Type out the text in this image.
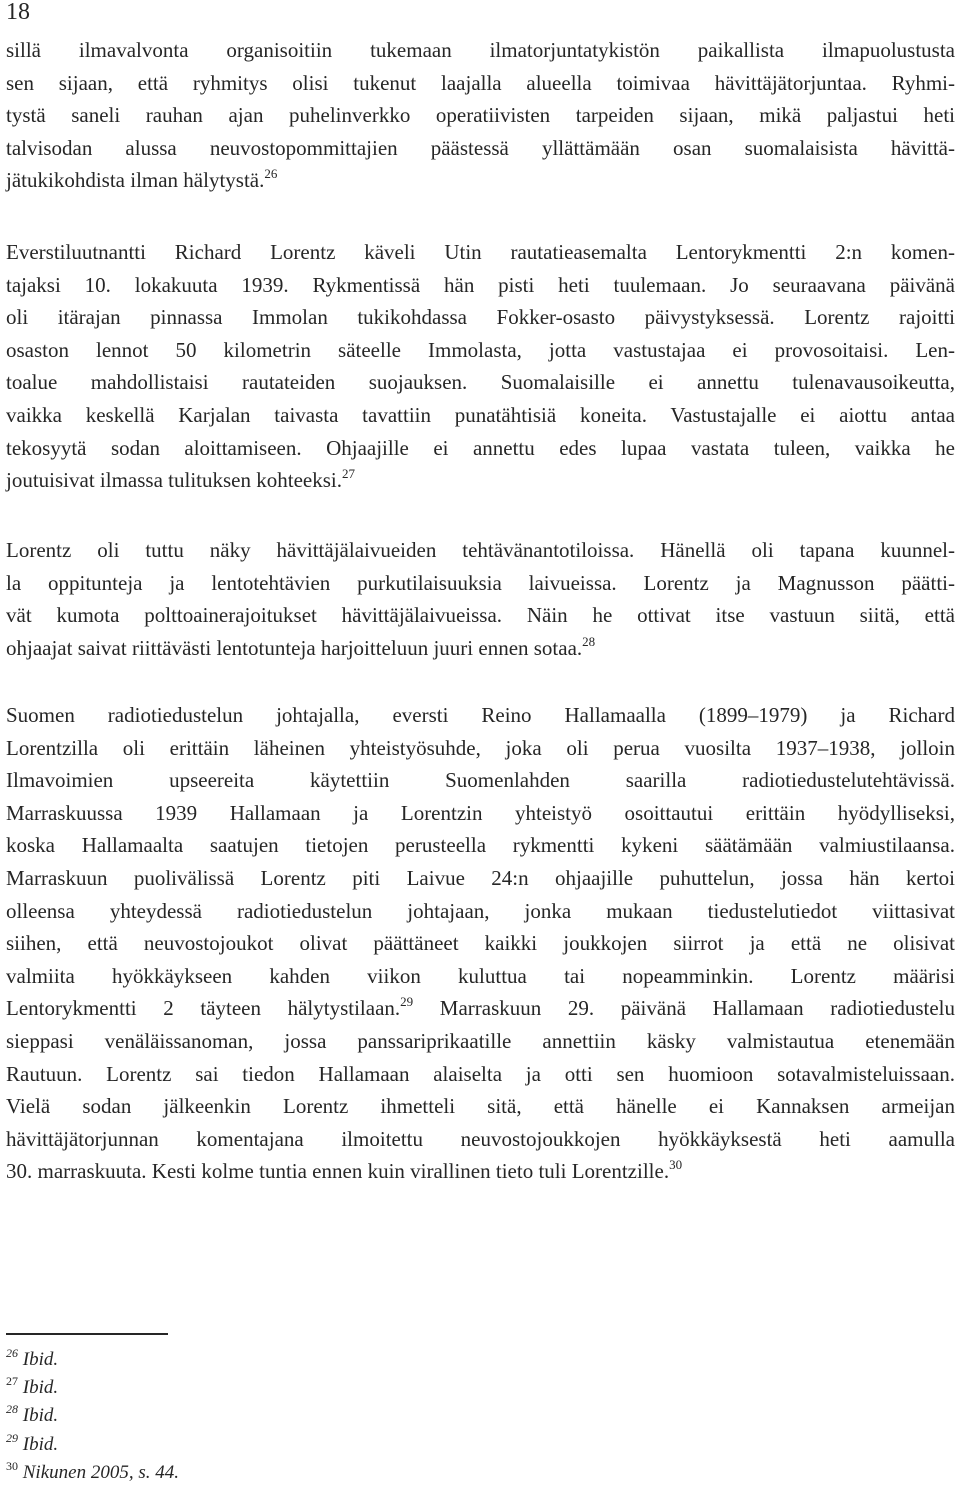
18
sillä ilmavalvonta organisoitiin tukemaan ilmatorjuntatykistön paikallista ilmapuolustusta
sen sijaan, että ryhmitys olisi tukenut laajalla alueella toimivaa hävittäjätorjuntaa. Ryhmi-
tystä saneli rauhan ajan puhelinverkko operatiivisten tarpeiden sijaan, mikä paljastui heti
talvisodan alussa neuvostopommittajien päästessä yllättämään osan suomalaisista hävittä-
jätukikohdista ilman hälytystä.$^{26}$
Everstiluutnantti Richard Lorentz käveli Utin rautatieasemalta Lentorykmentti 2:n komen-
tajaksi 10. lokakuuta 1939. Rykmentissä hän pisti heti tuulemaan. Jo seuraavana päivänä
oli itärajan pinnassa Immolan tukikohdassa Fokker-osasto päivystyksessä. Lorentz rajoitti
osaston lennot 50 kilometrin säteelle Immolasta, jotta vastustajaa ei provosoitaisi. Len-
toalue mahdollistaisi rautateiden suojauksen. Suomalaisille ei annettu tulenavausoikeutta,
vaikka keskellä Karjalan taivasta tavattiin punatähtisiä koneita. Vastustajalle ei aiottu antaa
tekosyytä sodan aloittamiseen. Ohjaajille ei annettu edes lupaa vastata tuleen, vaikka he
joutuisivat ilmassa tulituksen kohteeksi.$^{27}$
Lorentz oli tuttu näky hävittäjälaivueiden tehtävänantotiloissa. Hänellä oli tapana kuunnel-
la oppitunteja ja lentotehtävien purkutilaisuuksia laivueissa. Lorentz ja Magnusson päätti-
vät kumota polttoainerajoitukset hävittäjälaivueissa. Näin he ottivat itse vastuun siitä, että
ohjaajat saivat riittävästi lentotunteja harjoitteluun juuri ennen sotaa.$^{28}$
Suomen radiotiedustelun johtajalla, eversti Reino Hallamaalla (1899–1979) ja Richard
Lorentzilla oli erittäin läheinen yhteistyösuhde, joka oli perua vuosilta 1937–1938, jolloin
Ilmavoimien upseereita käytettiin Suomenlahden saarilla radiotiedustelutehtävissä.
Marraskuussa 1939 Hallamaan ja Lorentzin yhteistyö osoittautui erittäin hyödylliseksi,
koska Hallamaalta saatujen tietojen perusteella rykmentti kykeni säätämään valmiustilaansa.
Marraskuun puolivälissä Lorentz piti Laivue 24:n ohjaajille puhuttelun, jossa hän kertoi
olleensa yhteydessä radiotiedustelun johtajaan, jonka mukaan tiedustelutiedot viittasivat
siihen, että neuvostojoukot olivat päättäneet kaikki joukkojen siirrot ja että ne olisivat
valmiita hyökkäykseen kahden viikon kuluttua tai nopeamminkin. Lorentz määrisi
Lentorykmentti 2 täyteen hälytystilaan.$^{29}$ Marraskuun 29. päivänä Hallamaan radiotiedustelu
sieppasi venäläissanoman, jossa panssariprikaatille annettiin käsky valmistautua etenemään
Rautuun. Lorentz sai tiedon Hallamaan alaiselta ja otti sen huomioon sotavalmisteluissaan.
Vielä sodan jälkeenkin Lorentz ihmetteli sitä, että hänelle ei Kannaksen armeijan
hävittäjätorjunnan komentajana ilmoitettu neuvostojoukkojen hyökkäyksestä heti aamulla
30. marraskuuta. Kesti kolme tuntia ennen kuin virallinen tieto tuli Lorentzille.$^{30}$
$^{26}$ Ibid.
$^{27}$ Ibid.
$^{28}$ Ibid.
$^{29}$ Ibid.
$^{30}$ Nikunen 2005, s. 44.
